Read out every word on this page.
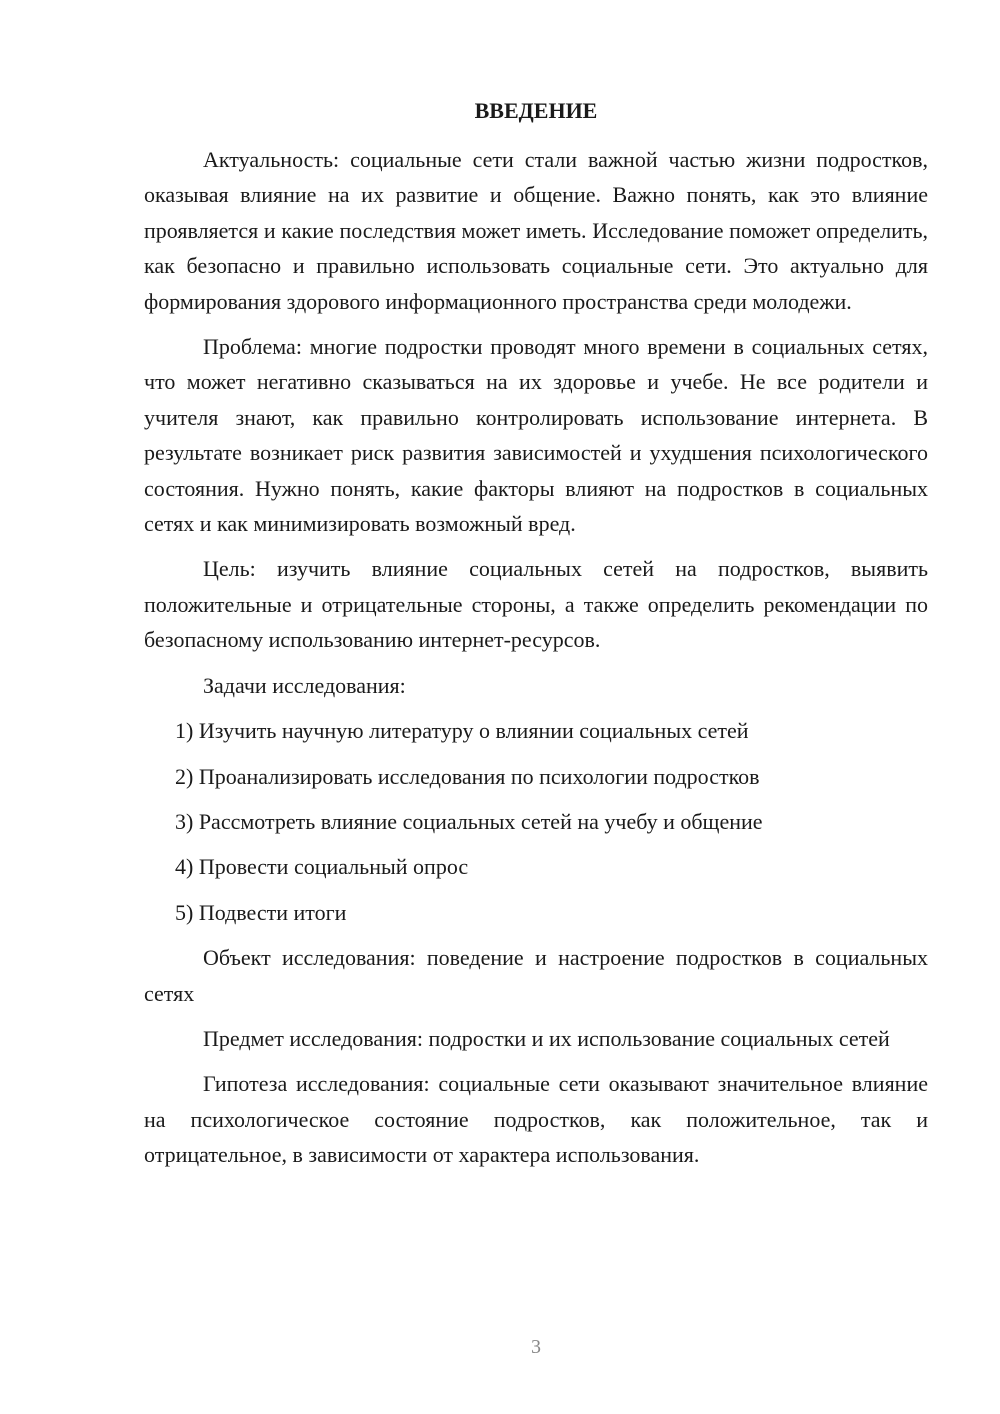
ВВЕДЕНИЕ

Актуальность: социальные сети стали важной частью жизни подростков, оказывая влияние на их развитие и общение. Важно понять, как это влияние проявляется и какие последствия может иметь. Исследование поможет определить, как безопасно и правильно использовать социальные сети. Это актуально для формирования здорового информационного пространства среди молодежи.

Проблема: многие подростки проводят много времени в социальных сетях, что может негативно сказываться на их здоровье и учебе. Не все родители и учителя знают, как правильно контролировать использование интернета. В результате возникает риск развития зависимостей и ухудшения психологического состояния. Нужно понять, какие факторы влияют на подростков в социальных сетях и как минимизировать возможный вред.

Цель: изучить влияние социальных сетей на подростков, выявить положительные и отрицательные стороны, а также определить рекомендации по безопасному использованию интернет-ресурсов.

Задачи исследования:

1) Изучить научную литературу о влиянии социальных сетей

2) Проанализировать исследования по психологии подростков

3) Рассмотреть влияние социальных сетей на учебу и общение

4) Провести социальный опрос

5) Подвести итоги

Объект исследования: поведение и настроение подростков в социальных сетях

Предмет исследования: подростки и их использование социальных сетей

Гипотеза исследования: социальные сети оказывают значительное влияние на психологическое состояние подростков, как положительное, так и отрицательное, в зависимости от характера использования.

3
